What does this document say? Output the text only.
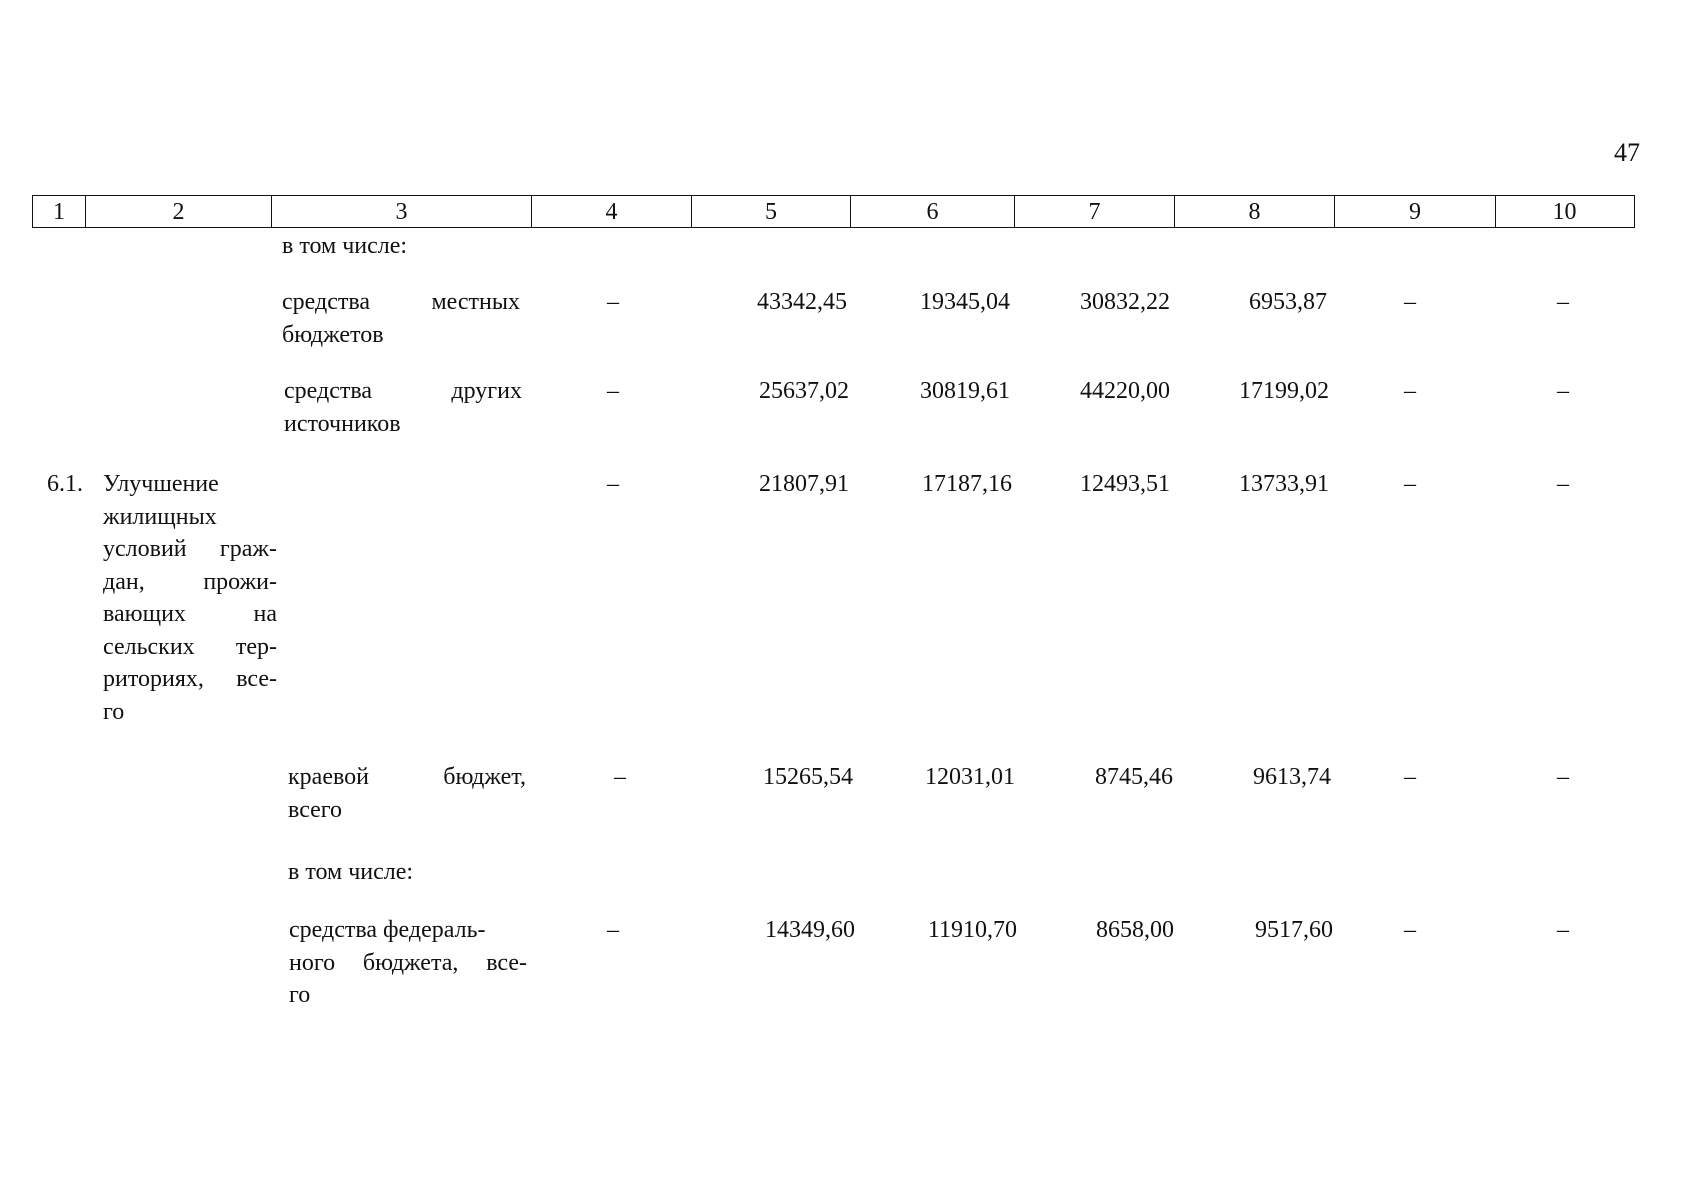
47
1	2	3	4	5	6	7	8	9	10
в том числе:
средства местных
бюджетов
–	43342,45	19345,04	30832,22	6953,87	–	–
средства других
источников
–	25637,02	30819,61	44220,00	17199,02	–	–
6.1. Улучшение
жилищных
условий граж-
дан, прожи-
вающих на
сельских тер-
риториях, все-
го
–	21807,91	17187,16	12493,51	13733,91	–	–
краевой бюджет,
всего
–	15265,54	12031,01	8745,46	9613,74	–	–
в том числе:
средства федераль-
ного бюджета, все-
го
–	14349,60	11910,70	8658,00	9517,60	–	–
